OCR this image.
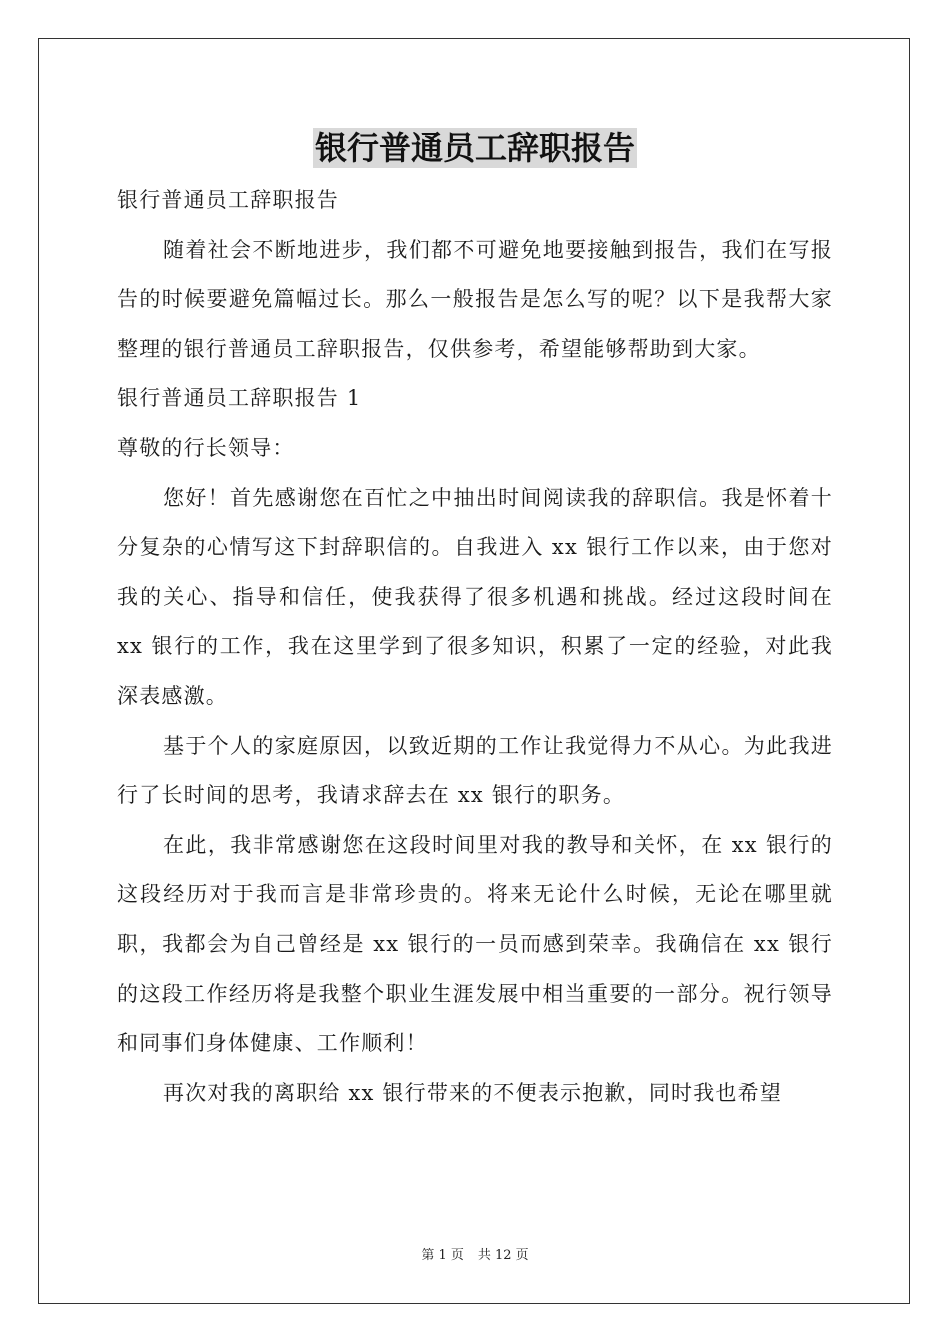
银行普通员工辞职报告

银行普通员工辞职报告

随着社会不断地进步，我们都不可避免地要接触到报告，我们在写报告的时候要避免篇幅过长。那么一般报告是怎么写的呢？以下是我帮大家整理的银行普通员工辞职报告，仅供参考，希望能够帮助到大家。

银行普通员工辞职报告 1

尊敬的行长领导：

您好！首先感谢您在百忙之中抽出时间阅读我的辞职信。我是怀着十分复杂的心情写这下封辞职信的。自我进入 xx 银行工作以来，由于您对我的关心、指导和信任，使我获得了很多机遇和挑战。经过这段时间在 xx 银行的工作，我在这里学到了很多知识，积累了一定的经验，对此我深表感激。

基于个人的家庭原因，以致近期的工作让我觉得力不从心。为此我进行了长时间的思考，我请求辞去在 xx 银行的职务。

在此，我非常感谢您在这段时间里对我的教导和关怀，在 xx 银行的这段经历对于我而言是非常珍贵的。将来无论什么时候，无论在哪里就职，我都会为自己曾经是 xx 银行的一员而感到荣幸。我确信在 xx 银行的这段工作经历将是我整个职业生涯发展中相当重要的一部分。祝行领导和同事们身体健康、工作顺利！

再次对我的离职给 xx 银行带来的不便表示抱歉，同时我也希望

第 1 页 共 12 页
